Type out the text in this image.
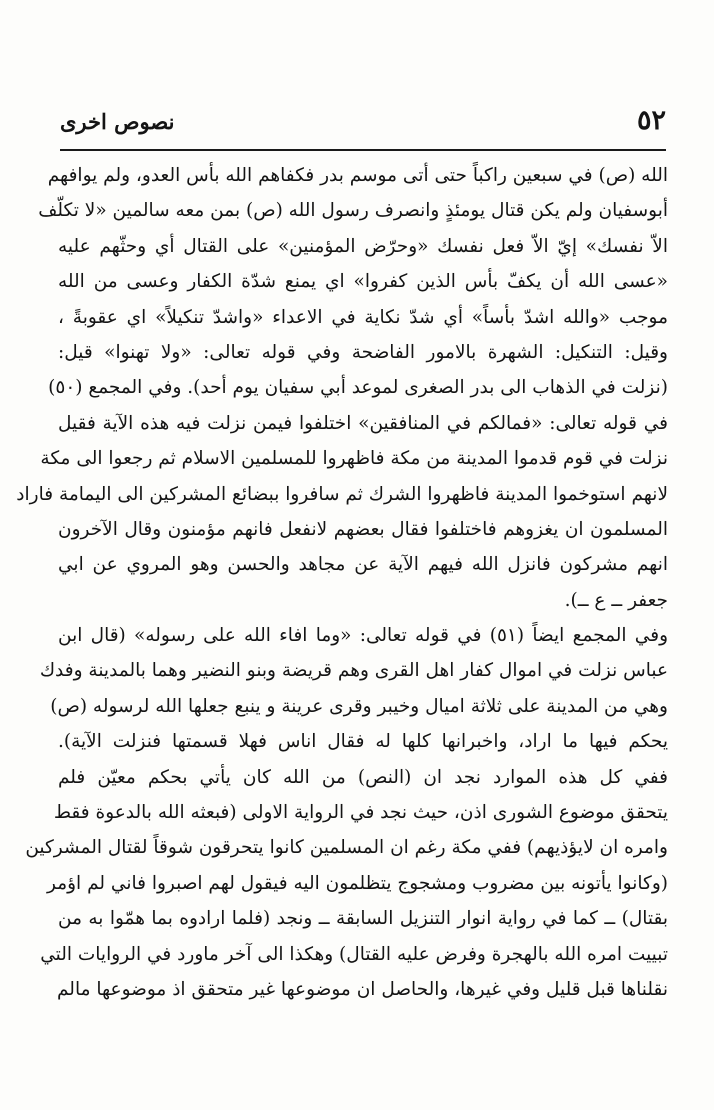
٥٢
نصوص اخرى
الله (ص) في سبعين راكباً حتى أتى موسم بدر فكفاهم الله بأس العدو، ولم يوافهم
أبوسفيان ولم يكن قتال يومئذٍ وانصرف رسول الله (ص) بمن معه سالمين «لا تكلّف
الاّ نفسك» إيّ الاّ فعل نفسك «وحرّض المؤمنين» على القتال أي وحثّهم عليه
«عسى الله أن يكفّ بأس الذين كفروا» اي يمنع شدّة الكفار وعسى من الله
موجب «والله اشدّ بأساً» أي شدّ نكاية في الاعداء «واشدّ تنكيلاً» اي عقوبةً ،
وقيل: التنكيل: الشهرة بالامور الفاضحة وفي قوله تعالى: «ولا تهنوا» قيل:
(نزلت في الذهاب الى بدر الصغرى لموعد أبي سفيان يوم أحد). وفي المجمع (٥٠)
في قوله تعالى: «فمالكم في المنافقين» اختلفوا فيمن نزلت فيه هذه الآية فقيل
نزلت في قوم قدموا المدينة من مكة فاظهروا للمسلمين الاسلام ثم رجعوا الى مكة
لانهم استوخموا المدينة فاظهروا الشرك ثم سافروا ببضائع المشركين الى اليمامة فاراد
المسلمون ان يغزوهم فاختلفوا فقال بعضهم لانفعل فانهم مؤمنون وقال الآخرون
انهم مشركون فانزل الله فيهم الآية عن مجاهد والحسن وهو المروي عن ابي
جعفر ــ ع ــ).
وفي المجمع ايضاً (٥١) في قوله تعالى: «وما افاء الله على رسوله» (قال ابن
عباس نزلت في اموال كفار اهل القرى وهم قريضة وبنو النضير وهما بالمدينة وفدك
وهي من المدينة على ثلاثة اميال وخيبر وقرى عرينة و ينبع جعلها الله لرسوله (ص)
يحكم فيها ما اراد، واخبرانها كلها له فقال اناس فهلا قسمتها فنزلت الآية).
ففي كل هذه الموارد نجد ان (النص) من الله كان يأتي بحكم معيّن فلم
يتحقق موضوع الشورى اذن، حيث نجد في الرواية الاولى (فبعثه الله بالدعوة فقط
وامره ان لايؤذيهم) ففي مكة رغم ان المسلمين كانوا يتحرقون شوقاً لقتال المشركين
(وكانوا يأتونه بين مضروب ومشجوج يتظلمون اليه فيقول لهم اصبروا فاني لم اؤمر
بقتال) ــ كما في رواية انوار التنزيل السابقة ــ ونجد (فلما ارادوه بما همّوا به من
تبييت امره الله بالهجرة وفرض عليه القتال) وهكذا الى آخر ماورد في الروايات التي
نقلناها قبل قليل وفي غيرها، والحاصل ان موضوعها غير متحقق اذ موضوعها مالم
